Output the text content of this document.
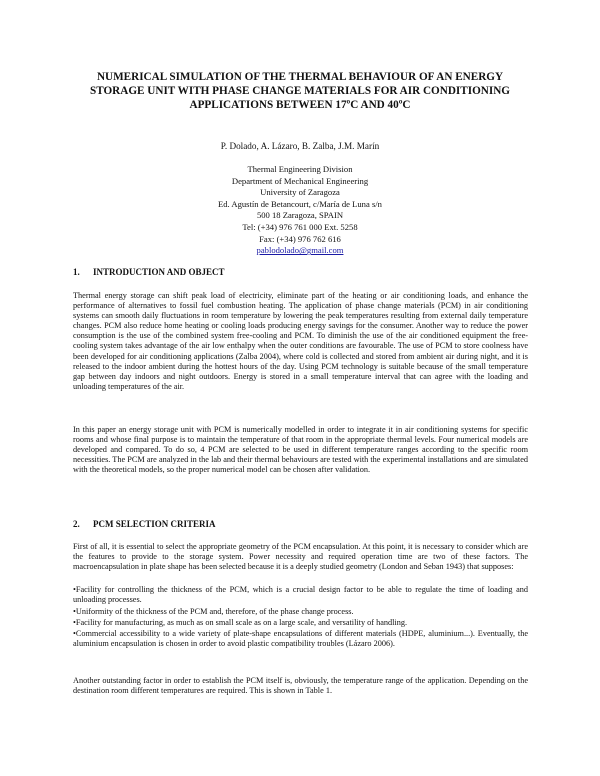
NUMERICAL SIMULATION OF THE THERMAL BEHAVIOUR OF AN ENERGY
STORAGE UNIT WITH PHASE CHANGE MATERIALS FOR AIR CONDITIONING
APPLICATIONS BETWEEN 17ºC AND 40ºC
P. Dolado, A. Lázaro, B. Zalba, J.M. Marín
Thermal Engineering Division
Department of Mechanical Engineering
University of Zaragoza
Ed. Agustín de Betancourt, c/María de Luna s/n
500 18 Zaragoza, SPAIN
Tel: (+34) 976 761 000 Ext. 5258
Fax: (+34) 976 762 616
pablodolado@gmail.com
1. INTRODUCTION AND OBJECT

Thermal energy storage can shift peak load of electricity, eliminate part of the heating or air conditioning loads, and enhance the performance of alternatives to fossil fuel combustion heating. The application of phase change materials (PCM) in air conditioning systems can smooth daily fluctuations in room temperature by lowering the peak temperatures resulting from external daily temperature changes. PCM also reduce home heating or cooling loads producing energy savings for the consumer. Another way to reduce the power consumption is the use of the combined system free-cooling and PCM. To diminish the use of the air conditioned equipment the free-cooling system takes advantage of the air low enthalpy when the outer conditions are favourable. The use of PCM to store coolness have been developed for air conditioning applications (Zalba 2004), where cold is collected and stored from ambient air during night, and it is released to the indoor ambient during the hottest hours of the day. Using PCM technology is suitable because of the small temperature gap between day indoors and night outdoors. Energy is stored in a small temperature interval that can agree with the loading and unloading temperatures of the air.

In this paper an energy storage unit with PCM is numerically modelled in order to integrate it in air conditioning systems for specific rooms and whose final purpose is to maintain the temperature of that room in the appropriate thermal levels. Four numerical models are developed and compared. To do so, 4 PCM are selected to be used in different temperature ranges according to the specific room necessities. The PCM are analyzed in the lab and their thermal behaviours are tested with the experimental installations and are simulated with the theoretical models, so the proper numerical model can be chosen after validation.

2. PCM SELECTION CRITERIA

First of all, it is essential to select the appropriate geometry of the PCM encapsulation. At this point, it is necessary to consider which are the features to provide to the storage system. Power necessity and required operation time are two of these factors. The macroencapsulation in plate shape has been selected because it is a deeply studied geometry (London and Seban 1943) that supposes:

•Facility for controlling the thickness of the PCM, which is a crucial design factor to be able to regulate the time of loading and unloading processes.

•Uniformity of the thickness of the PCM and, therefore, of the phase change process.

•Facility for manufacturing, as much as on small scale as on a large scale, and versatility of handling.

•Commercial accessibility to a wide variety of plate-shape encapsulations of different materials (HDPE, aluminium...). Eventually, the aluminium encapsulation is chosen in order to avoid plastic compatibility troubles (Lázaro 2006).

Another outstanding factor in order to establish the PCM itself is, obviously, the temperature range of the application. Depending on the destination room different temperatures are required. This is shown in Table 1.
